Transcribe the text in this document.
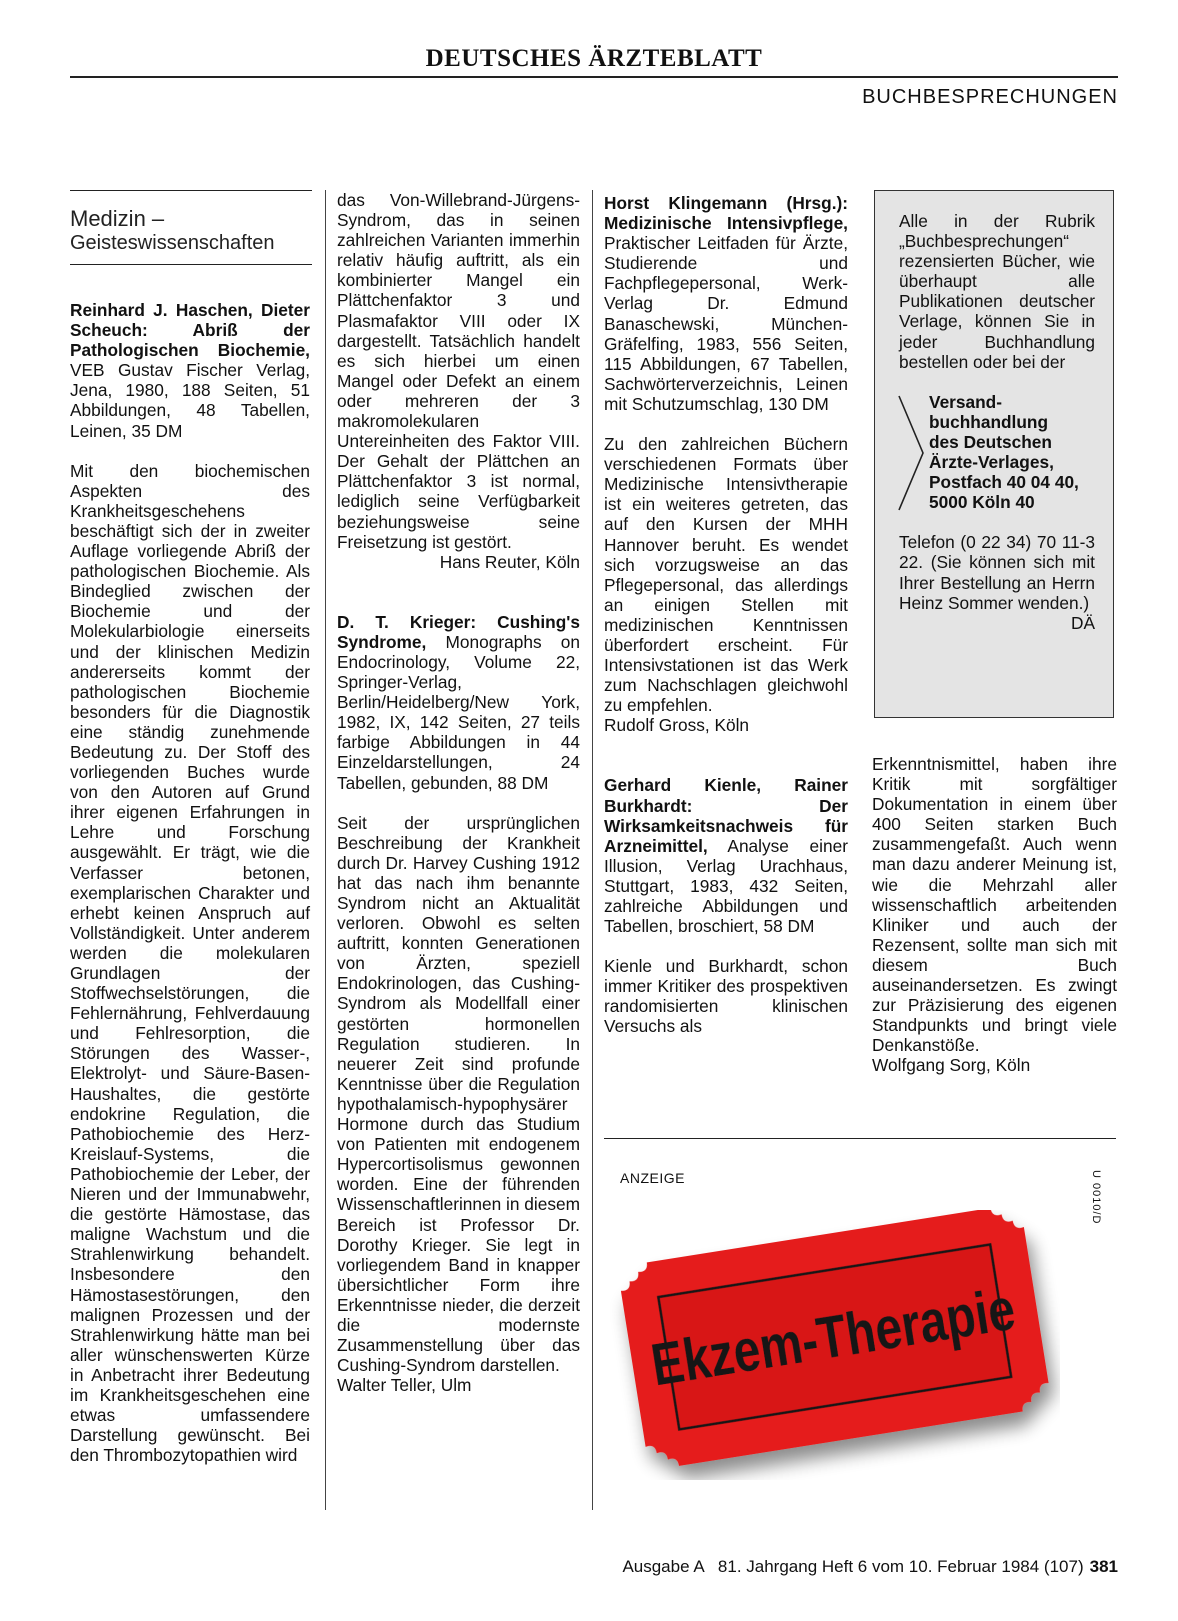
DEUTSCHES ÄRZTEBLATT
BUCHBESPRECHUNGEN
Medizin –
Geisteswissenschaften

Reinhard J. Haschen, Dieter Scheuch: Abriß der Pathologischen Biochemie, VEB Gustav Fischer Verlag, Jena, 1980, 188 Seiten, 51 Abbildungen, 48 Tabellen, Leinen, 35 DM

Mit den biochemischen Aspekten des Krankheitsgeschehens beschäftigt sich der in zweiter Auflage vorliegende Abriß der pathologischen Biochemie. Als Bindeglied zwischen der Biochemie und der Molekularbiologie einerseits und der klinischen Medizin andererseits kommt der pathologischen Biochemie besonders für die Diagnostik eine ständig zunehmende Bedeutung zu. Der Stoff des vorliegenden Buches wurde von den Autoren auf Grund ihrer eigenen Erfahrungen in Lehre und Forschung ausgewählt. Er trägt, wie die Verfasser betonen, exemplarischen Charakter und erhebt keinen Anspruch auf Vollständigkeit. Unter anderem werden die molekularen Grundlagen der Stoffwechselstörungen, die Fehlernährung, Fehlverdauung und Fehlresorption, die Störungen des Wasser-, Elektrolyt- und Säure-Basen-Haushaltes, die gestörte endokrine Regulation, die Pathobiochemie des Herz-Kreislauf-Systems, die Pathobiochemie der Leber, der Nieren und der Immunabwehr, die gestörte Hämostase, das maligne Wachstum und die Strahlenwirkung behandelt. Insbesondere den Hämostasestörungen, den malignen Prozessen und der Strahlenwirkung hätte man bei aller wünschenswerten Kürze in Anbetracht ihrer Bedeutung im Krankheitsgeschehen eine etwas umfassendere Darstellung gewünscht. Bei den Thrombozytopathien wird

das Von-Willebrand-Jürgens-Syndrom, das in seinen zahlreichen Varianten immerhin relativ häufig auftritt, als ein kombinierter Mangel ein Plättchenfaktor 3 und Plasmafaktor VIII oder IX dargestellt. Tatsächlich handelt es sich hierbei um einen Mangel oder Defekt an einem oder mehreren der 3 makromolekularen Untereinheiten des Faktor VIII. Der Gehalt der Plättchen an Plättchenfaktor 3 ist normal, lediglich seine Verfügbarkeit beziehungsweise seine Freisetzung ist gestört.

Hans Reuter, Köln

D. T. Krieger: Cushing's Syndrome, Monographs on Endocrinology, Volume 22, Springer-Verlag, Berlin/Heidelberg/New York, 1982, IX, 142 Seiten, 27 teils farbige Abbildungen in 44 Einzeldarstellungen, 24 Tabellen, gebunden, 88 DM

Seit der ursprünglichen Beschreibung der Krankheit durch Dr. Harvey Cushing 1912 hat das nach ihm benannte Syndrom nicht an Aktualität verloren. Obwohl es selten auftritt, konnten Generationen von Ärzten, speziell Endokrinologen, das Cushing-Syndrom als Modellfall einer gestörten hormonellen Regulation studieren. In neuerer Zeit sind profunde Kenntnisse über die Regulation hypothalamisch-hypophysärer Hormone durch das Studium von Patienten mit endogenem Hypercortisolismus gewonnen worden. Eine der führenden Wissenschaftlerinnen in diesem Bereich ist Professor Dr. Dorothy Krieger. Sie legt in vorliegendem Band in knapper übersichtlicher Form ihre Erkenntnisse nieder, die derzeit die modernste Zusammenstellung über das Cushing-Syndrom darstellen.

Walter Teller, Ulm

Horst Klingemann (Hrsg.): Medizinische Intensivpflege, Praktischer Leitfaden für Ärzte, Studierende und Fachpflegepersonal, Werk-Verlag Dr. Edmund Banaschewski, München-Gräfelfing, 1983, 556 Seiten, 115 Abbildungen, 67 Tabellen, Sachwörterverzeichnis, Leinen mit Schutzumschlag, 130 DM

Zu den zahlreichen Büchern verschiedenen Formats über Medizinische Intensivtherapie ist ein weiteres getreten, das auf den Kursen der MHH Hannover beruht. Es wendet sich vorzugsweise an das Pflegepersonal, das allerdings an einigen Stellen mit medizinischen Kenntnissen überfordert erscheint. Für Intensivstationen ist das Werk zum Nachschlagen gleichwohl zu empfehlen.

Rudolf Gross, Köln

Gerhard Kienle, Rainer Burkhardt: Der Wirksamkeitsnachweis für Arzneimittel, Analyse einer Illusion, Verlag Urachhaus, Stuttgart, 1983, 432 Seiten, zahlreiche Abbildungen und Tabellen, broschiert, 58 DM

Kienle und Burkhardt, schon immer Kritiker des prospektiven randomisierten klinischen Versuchs als

Alle in der Rubrik „Buchbesprechungen“ rezensierten Bücher, wie überhaupt alle Publikationen deutscher Verlage, können Sie in jeder Buchhandlung bestellen oder bei der

Versand-
buchhandlung
des Deutschen
Ärzte-Verlages,
Postfach 40 04 40,
5000 Köln 40

Telefon (0 22 34) 70 11-3 22. (Sie können sich mit Ihrer Bestellung an Herrn Heinz Sommer wenden.)
DÄ

Erkenntnismittel, haben ihre Kritik mit sorgfältiger Dokumentation in einem über 400 Seiten starken Buch zusammengefaßt. Auch wenn man dazu anderer Meinung ist, wie die Mehrzahl aller wissenschaftlich arbeitenden Kliniker und auch der Rezensent, sollte man sich mit diesem Buch auseinandersetzen. Es zwingt zur Präzisierung des eigenen Standpunkts und bringt viele Denkanstöße.

Wolfgang Sorg, Köln
ANZEIGE	U 0010/D
Ekzem-Therapie
Ausgabe A   81. Jahrgang Heft 6 vom 10. Februar 1984 (107) 381
